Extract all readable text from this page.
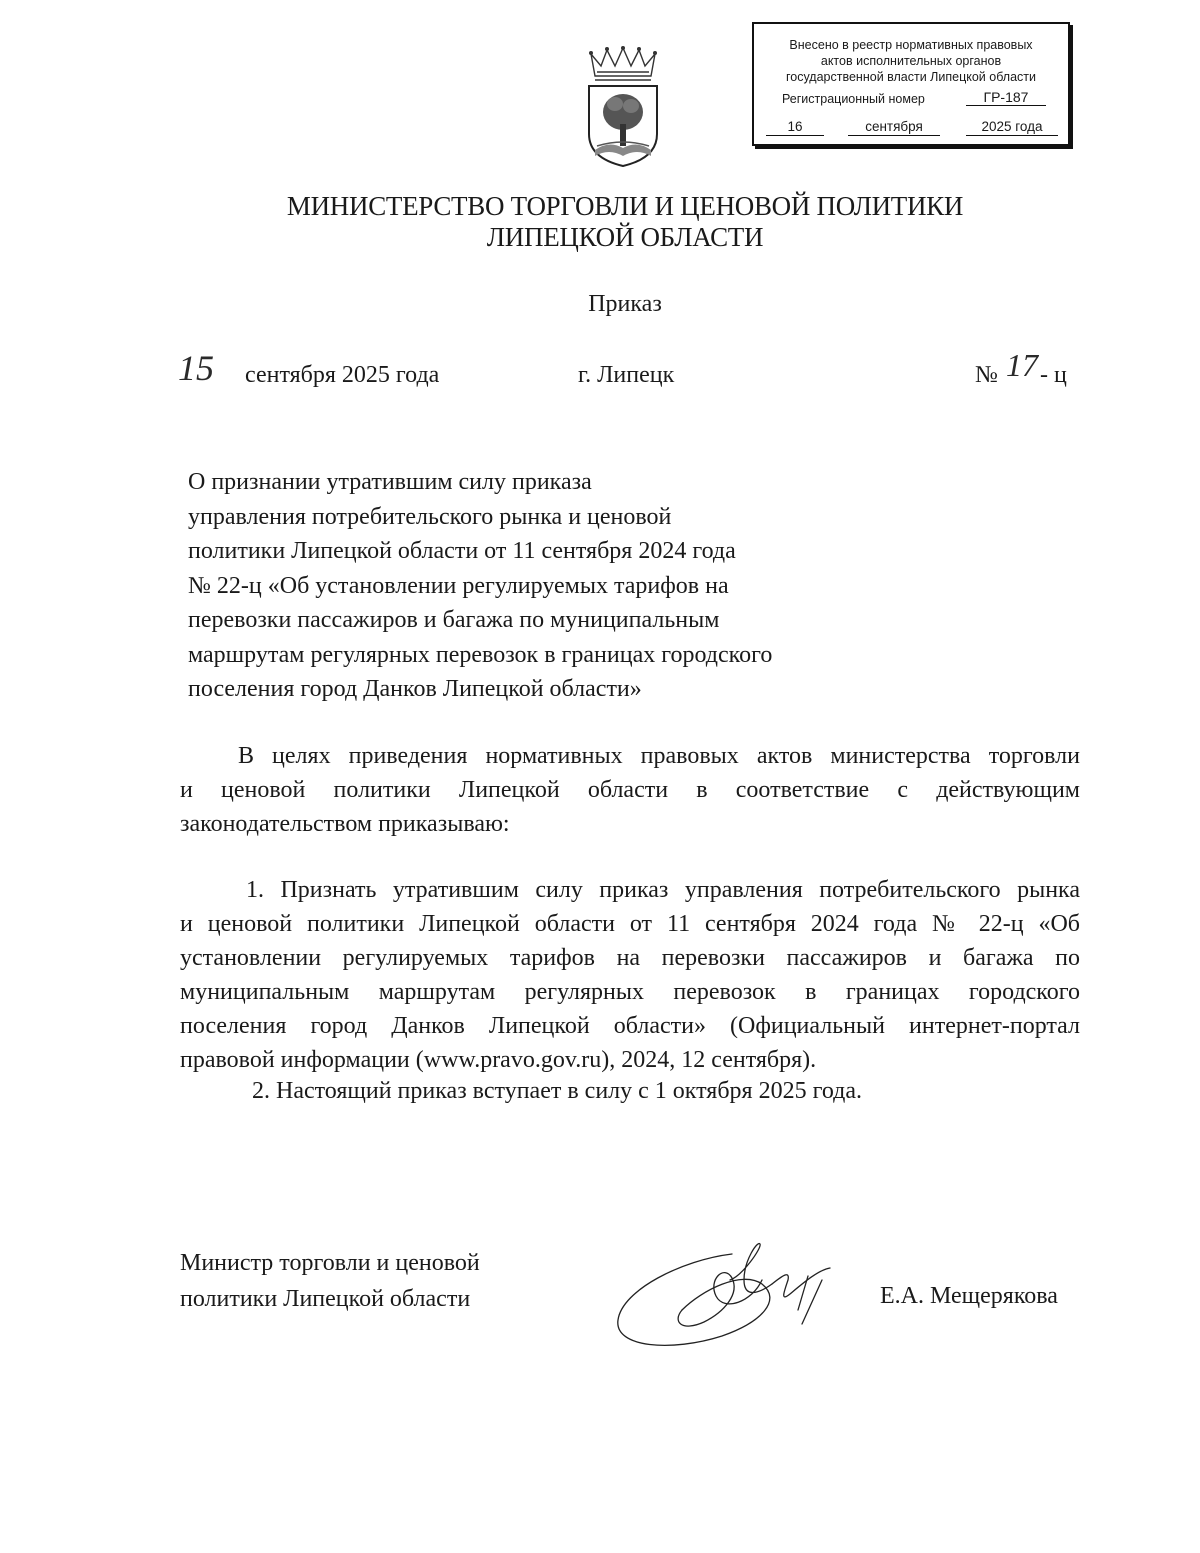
Внесено в реестр нормативных правовых
актов исполнительных органов
государственной власти Липецкой области
Регистрационный номер	ГР-187
16	сентября	2025 года
МИНИСТЕРСТВО ТОРГОВЛИ И ЦЕНОВОЙ ПОЛИТИКИ
ЛИПЕЦКОЙ ОБЛАСТИ
Приказ
15 сентября 2025 года	г. Липецк	№ 17 - ц
О признании утратившим силу приказа
управления потребительского рынка и ценовой
политики Липецкой области от 11 сентября 2024 года
№ 22-ц «Об установлении регулируемых тарифов на
перевозки пассажиров и багажа по муниципальным
маршрутам регулярных перевозок в границах городского
поселения город Данков Липецкой области»
В целях приведения нормативных правовых актов министерства торговли
и ценовой политики Липецкой области в соответствие с действующим
законодательством приказываю:
1. Признать утратившим силу приказ управления потребительского рынка
и ценовой политики Липецкой области от 11 сентября 2024 года № 22-ц «Об
установлении регулируемых тарифов на перевозки пассажиров и багажа по
муниципальным маршрутам регулярных перевозок в границах городского
поселения город Данков Липецкой области» (Официальный интернет-портал
правовой информации (www.pravo.gov.ru), 2024, 12 сентября).
2. Настоящий приказ вступает в силу с 1 октября 2025 года.
Министр торговли и ценовой
политики Липецкой области	Е.А. Мещерякова
